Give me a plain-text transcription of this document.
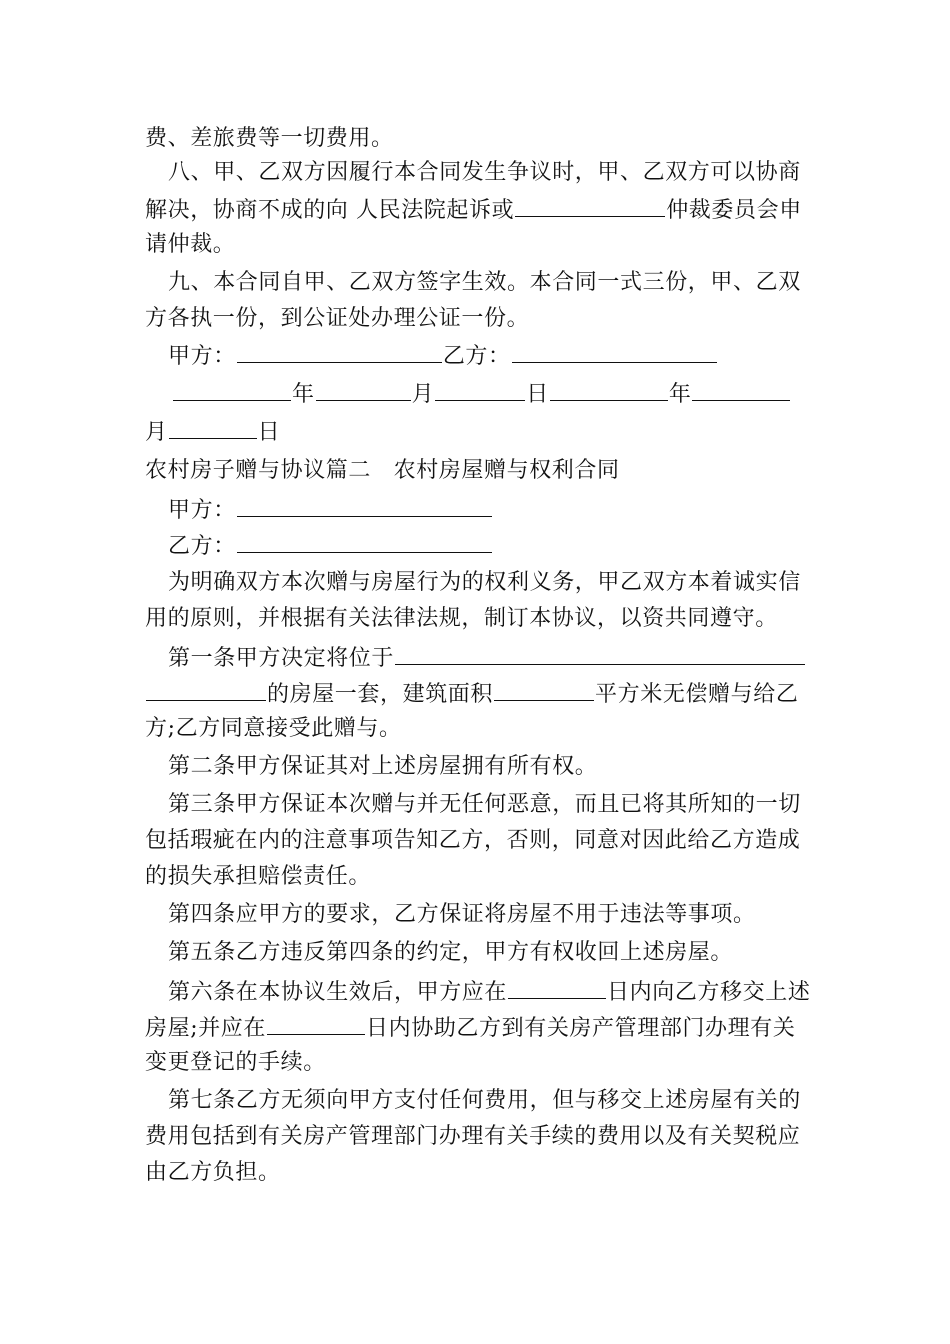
费、差旅费等一切费用。
八、甲、乙双方因履行本合同发生争议时，甲、乙双方可以协商
解决，协商不成的向 人民法院起诉或	仲裁委员会申
请仲裁。
九、本合同自甲、乙双方签字生效。本合同一式三份，甲、乙双
方各执一份，到公证处办理公证一份。
甲方：	乙方：
年	月	日	年
月	日
农村房子赠与协议篇二　农村房屋赠与权利合同
甲方：
乙方：
为明确双方本次赠与房屋行为的权利义务，甲乙双方本着诚实信
用的原则，并根据有关法律法规，制订本协议，以资共同遵守。
第一条甲方决定将位于
的房屋一套，建筑面积	平方米无偿赠与给乙
方;乙方同意接受此赠与。
第二条甲方保证其对上述房屋拥有所有权。
第三条甲方保证本次赠与并无任何恶意，而且已将其所知的一切
包括瑕疵在内的注意事项告知乙方，否则，同意对因此给乙方造成
的损失承担赔偿责任。
第四条应甲方的要求，乙方保证将房屋不用于违法等事项。
第五条乙方违反第四条的约定，甲方有权收回上述房屋。
第六条在本协议生效后，甲方应在	日内向乙方移交上述
房屋;并应在	日内协助乙方到有关房产管理部门办理有关
变更登记的手续。
第七条乙方无须向甲方支付任何费用，但与移交上述房屋有关的
费用包括到有关房产管理部门办理有关手续的费用以及有关契税应
由乙方负担。
